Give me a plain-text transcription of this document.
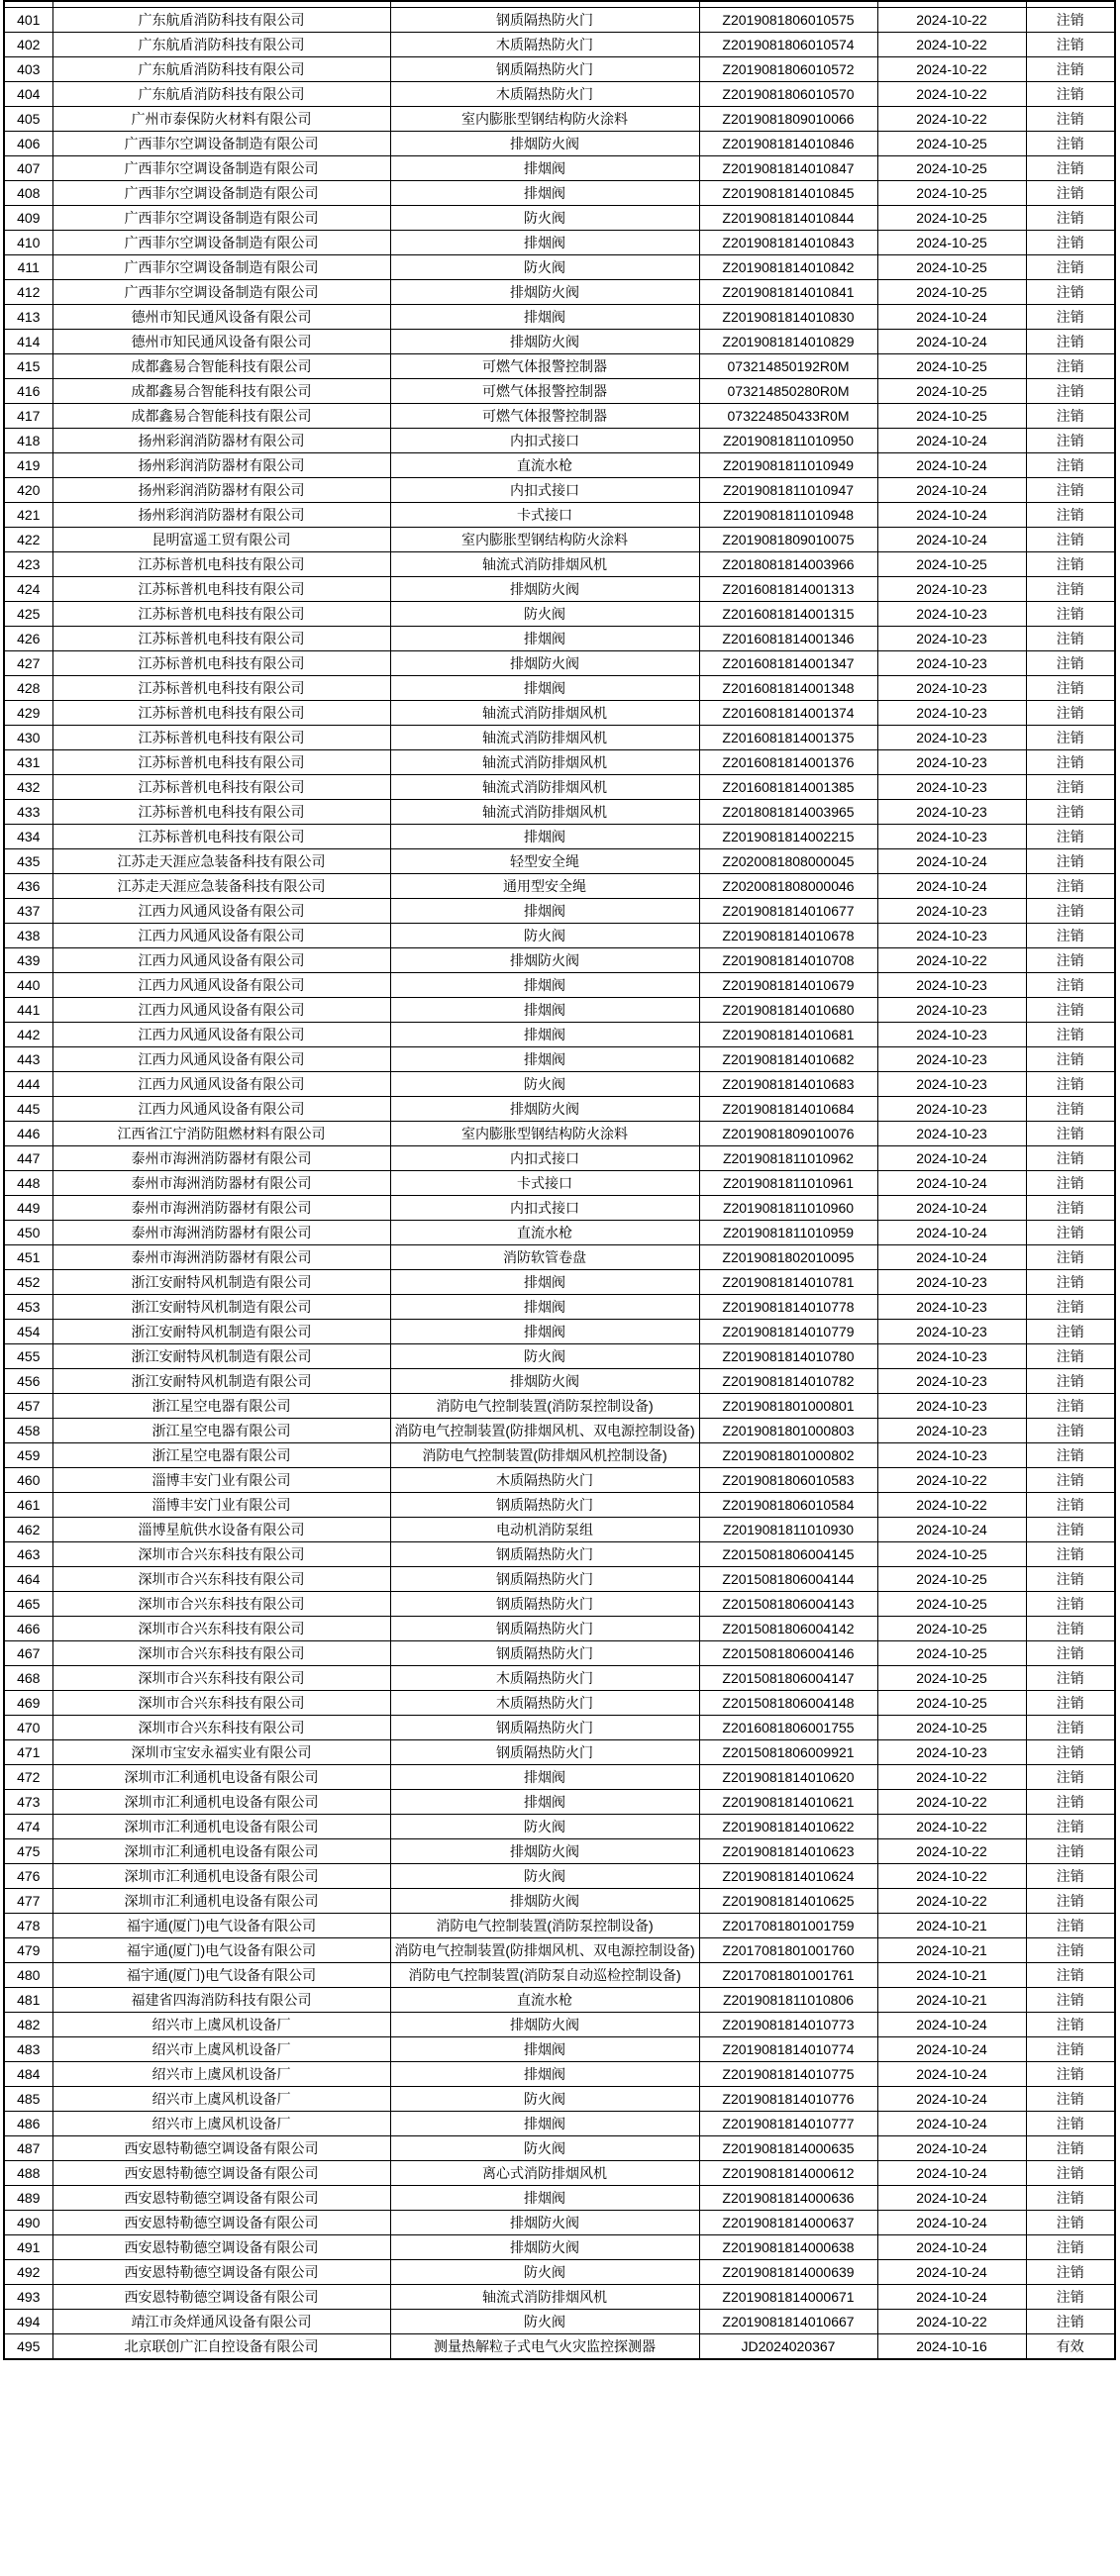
401	广东航盾消防科技有限公司	钢质隔热防火门	Z2019081806010575	2024-10-22	注销
402	广东航盾消防科技有限公司	木质隔热防火门	Z2019081806010574	2024-10-22	注销
403	广东航盾消防科技有限公司	钢质隔热防火门	Z2019081806010572	2024-10-22	注销
404	广东航盾消防科技有限公司	木质隔热防火门	Z2019081806010570	2024-10-22	注销
405	广州市泰保防火材料有限公司	室内膨胀型钢结构防火涂料	Z2019081809010066	2024-10-22	注销
406	广西菲尔空调设备制造有限公司	排烟防火阀	Z2019081814010846	2024-10-25	注销
407	广西菲尔空调设备制造有限公司	排烟阀	Z2019081814010847	2024-10-25	注销
408	广西菲尔空调设备制造有限公司	排烟阀	Z2019081814010845	2024-10-25	注销
409	广西菲尔空调设备制造有限公司	防火阀	Z2019081814010844	2024-10-25	注销
410	广西菲尔空调设备制造有限公司	排烟阀	Z2019081814010843	2024-10-25	注销
411	广西菲尔空调设备制造有限公司	防火阀	Z2019081814010842	2024-10-25	注销
412	广西菲尔空调设备制造有限公司	排烟防火阀	Z2019081814010841	2024-10-25	注销
413	德州市知民通风设备有限公司	排烟阀	Z2019081814010830	2024-10-24	注销
414	德州市知民通风设备有限公司	排烟防火阀	Z2019081814010829	2024-10-24	注销
415	成都鑫易合智能科技有限公司	可燃气体报警控制器	073214850192R0M	2024-10-25	注销
416	成都鑫易合智能科技有限公司	可燃气体报警控制器	073214850280R0M	2024-10-25	注销
417	成都鑫易合智能科技有限公司	可燃气体报警控制器	073224850433R0M	2024-10-25	注销
418	扬州彩润消防器材有限公司	内扣式接口	Z2019081811010950	2024-10-24	注销
419	扬州彩润消防器材有限公司	直流水枪	Z2019081811010949	2024-10-24	注销
420	扬州彩润消防器材有限公司	内扣式接口	Z2019081811010947	2024-10-24	注销
421	扬州彩润消防器材有限公司	卡式接口	Z2019081811010948	2024-10-24	注销
422	昆明富遥工贸有限公司	室内膨胀型钢结构防火涂料	Z2019081809010075	2024-10-24	注销
423	江苏标普机电科技有限公司	轴流式消防排烟风机	Z2018081814003966	2024-10-25	注销
424	江苏标普机电科技有限公司	排烟防火阀	Z2016081814001313	2024-10-23	注销
425	江苏标普机电科技有限公司	防火阀	Z2016081814001315	2024-10-23	注销
426	江苏标普机电科技有限公司	排烟阀	Z2016081814001346	2024-10-23	注销
427	江苏标普机电科技有限公司	排烟防火阀	Z2016081814001347	2024-10-23	注销
428	江苏标普机电科技有限公司	排烟阀	Z2016081814001348	2024-10-23	注销
429	江苏标普机电科技有限公司	轴流式消防排烟风机	Z2016081814001374	2024-10-23	注销
430	江苏标普机电科技有限公司	轴流式消防排烟风机	Z2016081814001375	2024-10-23	注销
431	江苏标普机电科技有限公司	轴流式消防排烟风机	Z2016081814001376	2024-10-23	注销
432	江苏标普机电科技有限公司	轴流式消防排烟风机	Z2016081814001385	2024-10-23	注销
433	江苏标普机电科技有限公司	轴流式消防排烟风机	Z2018081814003965	2024-10-23	注销
434	江苏标普机电科技有限公司	排烟阀	Z2019081814002215	2024-10-23	注销
435	江苏走天涯应急装备科技有限公司	轻型安全绳	Z2020081808000045	2024-10-24	注销
436	江苏走天涯应急装备科技有限公司	通用型安全绳	Z2020081808000046	2024-10-24	注销
437	江西力风通风设备有限公司	排烟阀	Z2019081814010677	2024-10-23	注销
438	江西力风通风设备有限公司	防火阀	Z2019081814010678	2024-10-23	注销
439	江西力风通风设备有限公司	排烟防火阀	Z2019081814010708	2024-10-22	注销
440	江西力风通风设备有限公司	排烟阀	Z2019081814010679	2024-10-23	注销
441	江西力风通风设备有限公司	排烟阀	Z2019081814010680	2024-10-23	注销
442	江西力风通风设备有限公司	排烟阀	Z2019081814010681	2024-10-23	注销
443	江西力风通风设备有限公司	排烟阀	Z2019081814010682	2024-10-23	注销
444	江西力风通风设备有限公司	防火阀	Z2019081814010683	2024-10-23	注销
445	江西力风通风设备有限公司	排烟防火阀	Z2019081814010684	2024-10-23	注销
446	江西省江宁消防阻燃材料有限公司	室内膨胀型钢结构防火涂料	Z2019081809010076	2024-10-23	注销
447	泰州市海洲消防器材有限公司	内扣式接口	Z2019081811010962	2024-10-24	注销
448	泰州市海洲消防器材有限公司	卡式接口	Z2019081811010961	2024-10-24	注销
449	泰州市海洲消防器材有限公司	内扣式接口	Z2019081811010960	2024-10-24	注销
450	泰州市海洲消防器材有限公司	直流水枪	Z2019081811010959	2024-10-24	注销
451	泰州市海洲消防器材有限公司	消防软管卷盘	Z2019081802010095	2024-10-24	注销
452	浙江安耐特风机制造有限公司	排烟阀	Z2019081814010781	2024-10-23	注销
453	浙江安耐特风机制造有限公司	排烟阀	Z2019081814010778	2024-10-23	注销
454	浙江安耐特风机制造有限公司	排烟阀	Z2019081814010779	2024-10-23	注销
455	浙江安耐特风机制造有限公司	防火阀	Z2019081814010780	2024-10-23	注销
456	浙江安耐特风机制造有限公司	排烟防火阀	Z2019081814010782	2024-10-23	注销
457	浙江星空电器有限公司	消防电气控制装置(消防泵控制设备)	Z2019081801000801	2024-10-23	注销
458	浙江星空电器有限公司	消防电气控制装置(防排烟风机、双电源控制设备)	Z2019081801000803	2024-10-23	注销
459	浙江星空电器有限公司	消防电气控制装置(防排烟风机控制设备)	Z2019081801000802	2024-10-23	注销
460	淄博丰安门业有限公司	木质隔热防火门	Z2019081806010583	2024-10-22	注销
461	淄博丰安门业有限公司	钢质隔热防火门	Z2019081806010584	2024-10-22	注销
462	淄博星航供水设备有限公司	电动机消防泵组	Z2019081811010930	2024-10-24	注销
463	深圳市合兴东科技有限公司	钢质隔热防火门	Z2015081806004145	2024-10-25	注销
464	深圳市合兴东科技有限公司	钢质隔热防火门	Z2015081806004144	2024-10-25	注销
465	深圳市合兴东科技有限公司	钢质隔热防火门	Z2015081806004143	2024-10-25	注销
466	深圳市合兴东科技有限公司	钢质隔热防火门	Z2015081806004142	2024-10-25	注销
467	深圳市合兴东科技有限公司	钢质隔热防火门	Z2015081806004146	2024-10-25	注销
468	深圳市合兴东科技有限公司	木质隔热防火门	Z2015081806004147	2024-10-25	注销
469	深圳市合兴东科技有限公司	木质隔热防火门	Z2015081806004148	2024-10-25	注销
470	深圳市合兴东科技有限公司	钢质隔热防火门	Z2016081806001755	2024-10-25	注销
471	深圳市宝安永福实业有限公司	钢质隔热防火门	Z2015081806009921	2024-10-23	注销
472	深圳市汇利通机电设备有限公司	排烟阀	Z2019081814010620	2024-10-22	注销
473	深圳市汇利通机电设备有限公司	排烟阀	Z2019081814010621	2024-10-22	注销
474	深圳市汇利通机电设备有限公司	防火阀	Z2019081814010622	2024-10-22	注销
475	深圳市汇利通机电设备有限公司	排烟防火阀	Z2019081814010623	2024-10-22	注销
476	深圳市汇利通机电设备有限公司	防火阀	Z2019081814010624	2024-10-22	注销
477	深圳市汇利通机电设备有限公司	排烟防火阀	Z2019081814010625	2024-10-22	注销
478	福宇通(厦门)电气设备有限公司	消防电气控制装置(消防泵控制设备)	Z2017081801001759	2024-10-21	注销
479	福宇通(厦门)电气设备有限公司	消防电气控制装置(防排烟风机、双电源控制设备)	Z2017081801001760	2024-10-21	注销
480	福宇通(厦门)电气设备有限公司	消防电气控制装置(消防泵自动巡检控制设备)	Z2017081801001761	2024-10-21	注销
481	福建省四海消防科技有限公司	直流水枪	Z2019081811010806	2024-10-21	注销
482	绍兴市上虞风机设备厂	排烟防火阀	Z2019081814010773	2024-10-24	注销
483	绍兴市上虞风机设备厂	排烟阀	Z2019081814010774	2024-10-24	注销
484	绍兴市上虞风机设备厂	排烟阀	Z2019081814010775	2024-10-24	注销
485	绍兴市上虞风机设备厂	防火阀	Z2019081814010776	2024-10-24	注销
486	绍兴市上虞风机设备厂	排烟阀	Z2019081814010777	2024-10-24	注销
487	西安恩特勒德空调设备有限公司	防火阀	Z2019081814000635	2024-10-24	注销
488	西安恩特勒德空调设备有限公司	离心式消防排烟风机	Z2019081814000612	2024-10-24	注销
489	西安恩特勒德空调设备有限公司	排烟阀	Z2019081814000636	2024-10-24	注销
490	西安恩特勒德空调设备有限公司	排烟防火阀	Z2019081814000637	2024-10-24	注销
491	西安恩特勒德空调设备有限公司	排烟防火阀	Z2019081814000638	2024-10-24	注销
492	西安恩特勒德空调设备有限公司	防火阀	Z2019081814000639	2024-10-24	注销
493	西安恩特勒德空调设备有限公司	轴流式消防排烟风机	Z2019081814000671	2024-10-24	注销
494	靖江市灸烊通风设备有限公司	防火阀	Z2019081814010667	2024-10-22	注销
495	北京联创广汇自控设备有限公司	测量热解粒子式电气火灾监控探测器	JD2024020367	2024-10-16	有效
